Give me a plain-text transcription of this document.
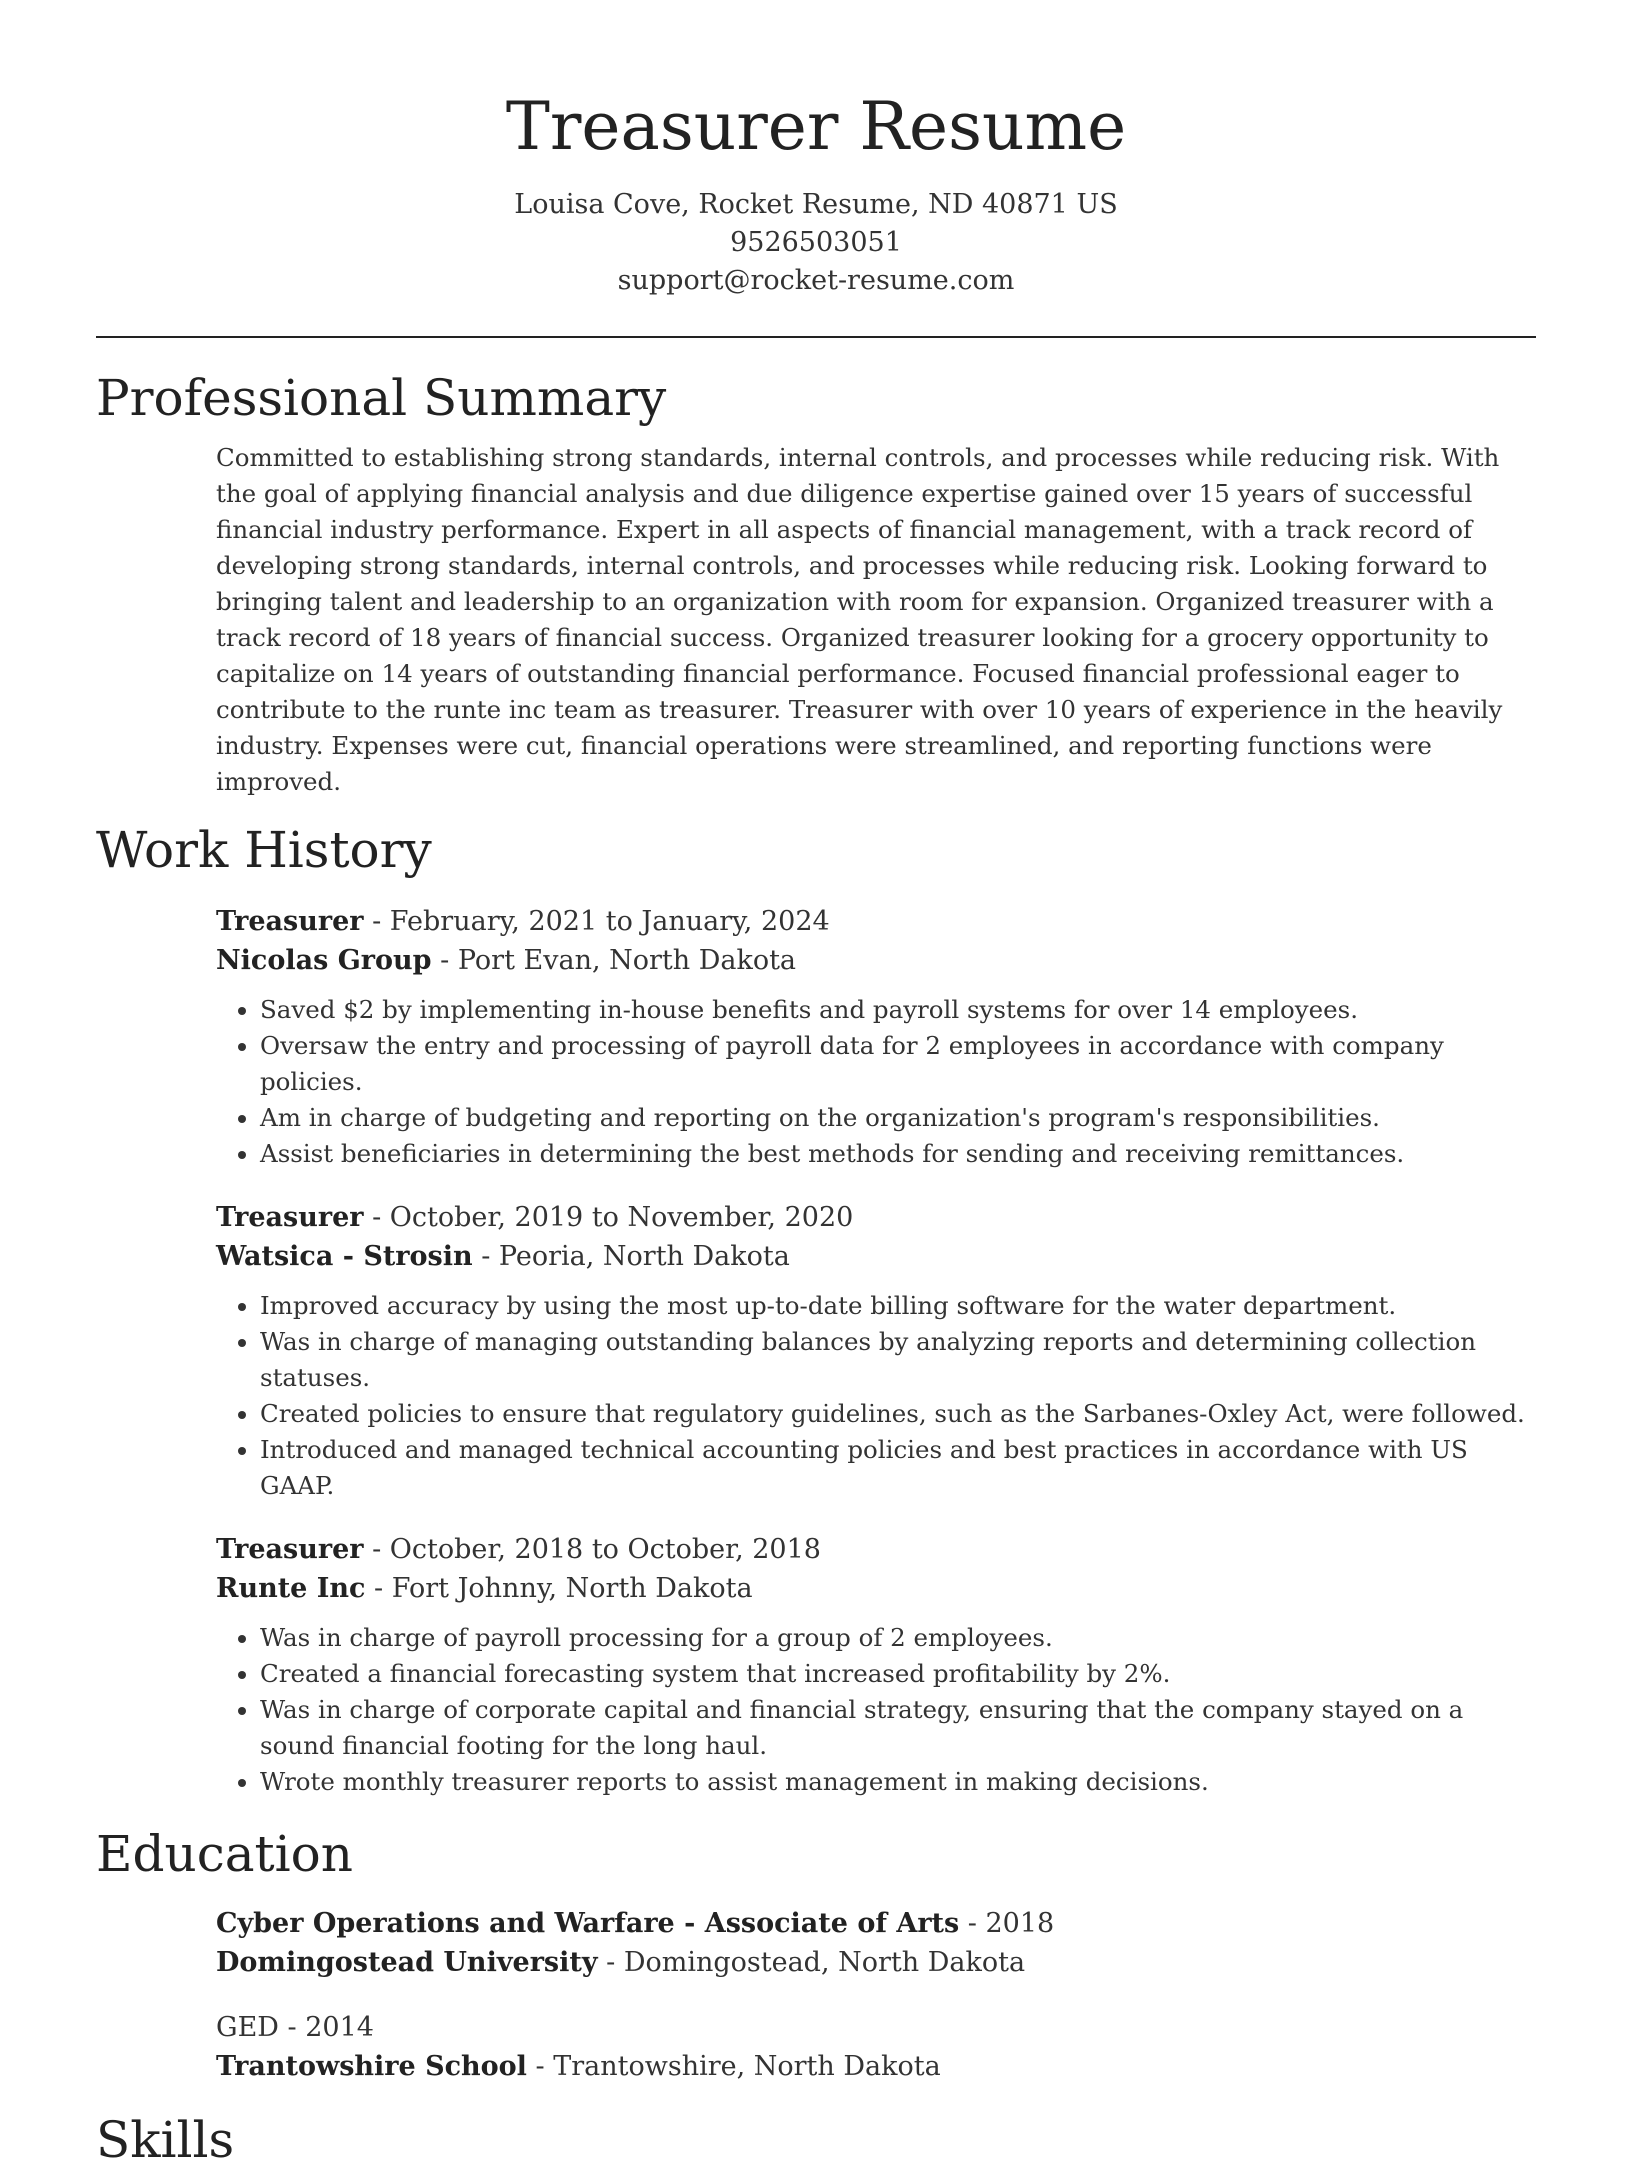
Treasurer Resume
Louisa Cove, Rocket Resume, ND 40871 US
9526503051
support@rocket-resume.com
Professional Summary

Committed to establishing strong standards, internal controls, and processes while reducing risk. With the goal of applying financial analysis and due diligence expertise gained over 15 years of successful financial industry performance. Expert in all aspects of financial management, with a track record of developing strong standards, internal controls, and processes while reducing risk. Looking forward to bringing talent and leadership to an organization with room for expansion. Organized treasurer with a track record of 18 years of financial success. Organized treasurer looking for a grocery opportunity to capitalize on 14 years of outstanding financial performance. Focused financial professional eager to contribute to the runte inc team as treasurer. Treasurer with over 10 years of experience in the heavily industry. Expenses were cut, financial operations were streamlined, and reporting functions were improved.

Work History
Treasurer - February, 2021 to January, 2024
Nicolas Group - Port Evan, North Dakota
• Saved $2 by implementing in-house benefits and payroll systems for over 14 employees.
• Oversaw the entry and processing of payroll data for 2 employees in accordance with company policies.
• Am in charge of budgeting and reporting on the organization's program's responsibilities.
• Assist beneficiaries in determining the best methods for sending and receiving remittances.
Treasurer - October, 2019 to November, 2020
Watsica - Strosin - Peoria, North Dakota
• Improved accuracy by using the most up-to-date billing software for the water department.
• Was in charge of managing outstanding balances by analyzing reports and determining collection statuses.
• Created policies to ensure that regulatory guidelines, such as the Sarbanes-Oxley Act, were followed.
• Introduced and managed technical accounting policies and best practices in accordance with US GAAP.
Treasurer - October, 2018 to October, 2018
Runte Inc - Fort Johnny, North Dakota
• Was in charge of payroll processing for a group of 2 employees.
• Created a financial forecasting system that increased profitability by 2%.
• Was in charge of corporate capital and financial strategy, ensuring that the company stayed on a sound financial footing for the long haul.
• Wrote monthly treasurer reports to assist management in making decisions.
Education
Cyber Operations and Warfare - Associate of Arts - 2018
Domingostead University - Domingostead, North Dakota
GED - 2014
Trantowshire School - Trantowshire, North Dakota
Skills
